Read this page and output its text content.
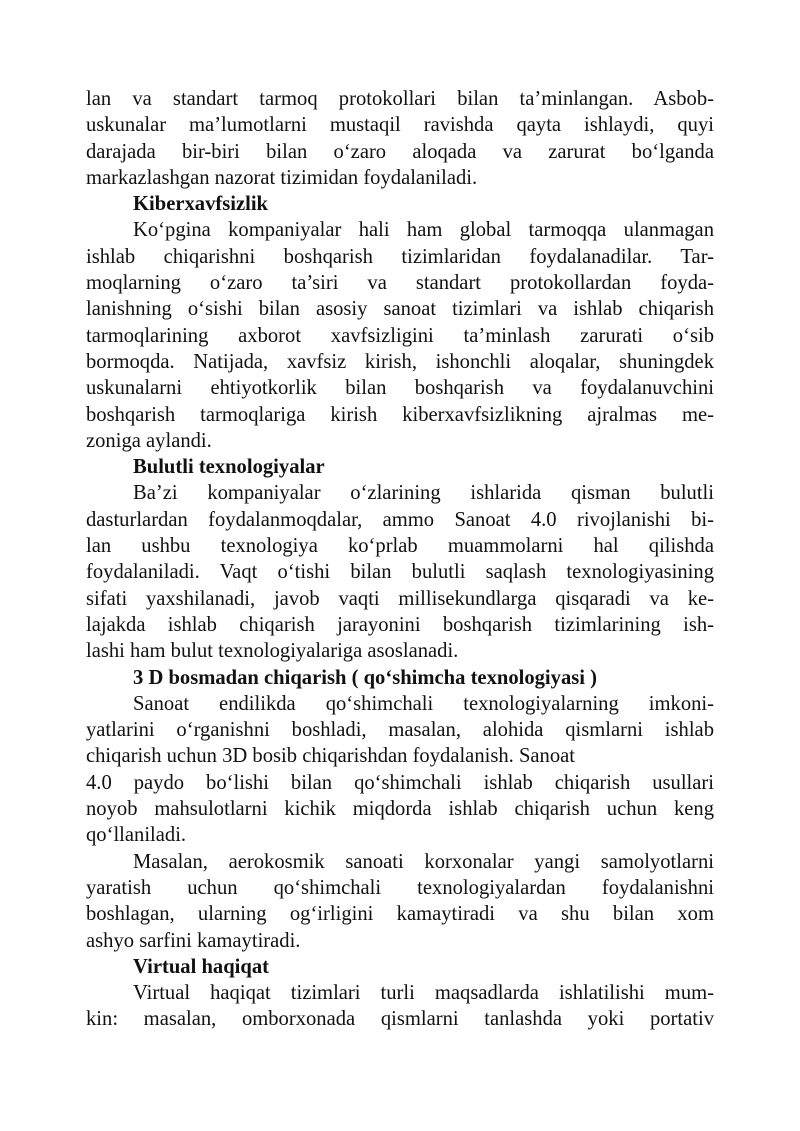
lan va standart tarmoq protokollari bilan ta’minlangan. Asbob-
uskunalar ma’lumotlarni mustaqil ravishda qayta ishlaydi, quyi
darajada bir-biri bilan o‘zaro aloqada va zarurat bo‘lganda
markazlashgan nazorat tizimidan foydalaniladi.

Kiberxavfsizlik

Ko‘pgina kompaniyalar hali ham global tarmoqqa ulanmagan
ishlab chiqarishni boshqarish tizimlaridan foydalanadilar. Tar-
moqlarning o‘zaro ta’siri va standart protokollardan foyda-
lanishning o‘sishi bilan asosiy sanoat tizimlari va ishlab chiqarish
tarmoqlarining axborot xavfsizligini ta’minlash zarurati o‘sib
bormoqda. Natijada, xavfsiz kirish, ishonchli aloqalar, shuningdek
uskunalarni ehtiyotkorlik bilan boshqarish va foydalanuvchini
boshqarish tarmoqlariga kirish kiberxavfsizlikning ajralmas me-
zoniga aylandi.

Bulutli texnologiyalar

Ba’zi kompaniyalar o‘zlarining ishlarida qisman bulutli
dasturlardan foydalanmoqdalar, ammo Sanoat 4.0 rivojlanishi bi-
lan ushbu texnologiya ko‘prlab muammolarni hal qilishda
foydalaniladi. Vaqt o‘tishi bilan bulutli saqlash texnologiyasining
sifati yaxshilanadi, javob vaqti millisekundlarga qisqaradi va ke-
lajakda ishlab chiqarish jarayonini boshqarish tizimlarining ish-
lashi ham bulut texnologiyalariga asoslanadi.

3 D bosmadan chiqarish ( qo‘shimcha texnologiyasi )

Sanoat endilikda qo‘shimchali texnologiyalarning imkoni-
yatlarini o‘rganishni boshladi, masalan, alohida qismlarni ishlab
chiqarish uchun 3D bosib chiqarishdan foydalanish. Sanoat

4.0 paydo bo‘lishi bilan qo‘shimchali ishlab chiqarish usullari
noyob mahsulotlarni kichik miqdorda ishlab chiqarish uchun keng
qo‘llaniladi.

Masalan, aerokosmik sanoati korxonalar yangi samolyotlarni
yaratish uchun qo‘shimchali texnologiyalardan foydalanishni
boshlagan, ularning og‘irligini kamaytiradi va shu bilan xom
ashyo sarfini kamaytiradi.

Virtual haqiqat

Virtual haqiqat tizimlari turli maqsadlarda ishlatilishi mum-
kin: masalan, omborxonada qismlarni tanlashda yoki portativ
